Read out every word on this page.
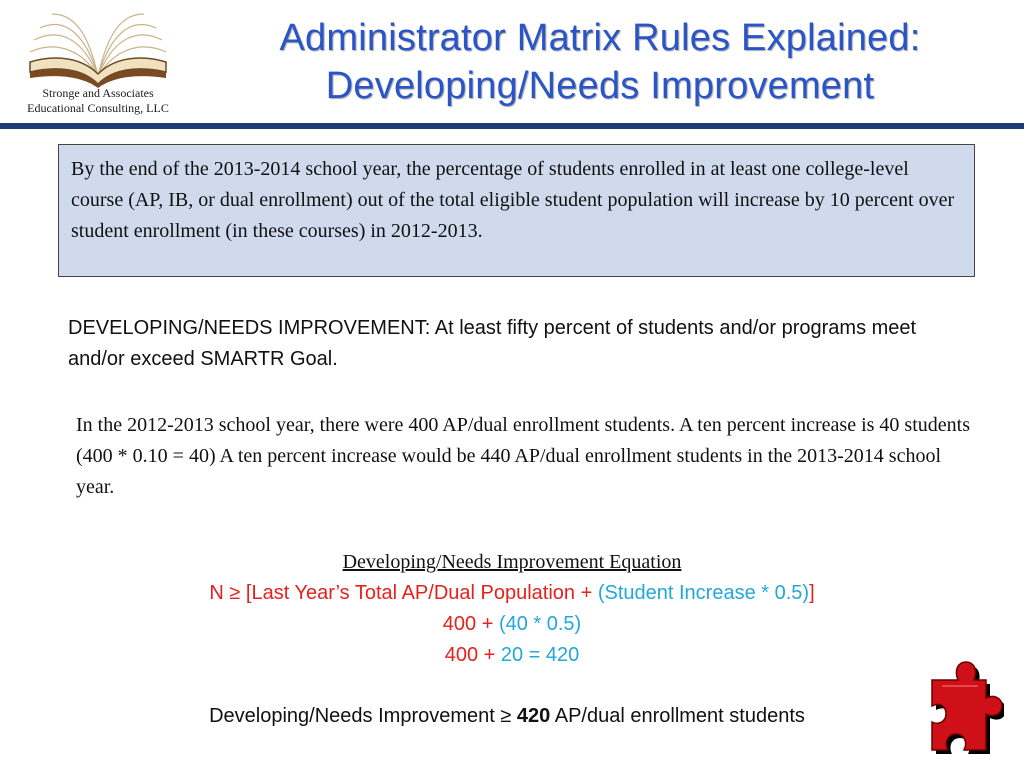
Stronge and Associates
Educational Consulting, LLC
Administrator Matrix Rules Explained:
Developing/Needs Improvement
By the end of the 2013-2014 school year, the percentage of students enrolled in at least one college-level course (AP, IB, or dual enrollment) out of the total eligible student population will increase by 10 percent over student enrollment (in these courses) in 2012-2013.
DEVELOPING/NEEDS IMPROVEMENT: At least fifty percent of students and/or programs meet and/or exceed SMARTR Goal.
In the 2012-2013 school year, there were 400 AP/dual enrollment students. A ten percent increase is 40 students (400 * 0.10 = 40) A ten percent increase would be 440 AP/dual enrollment students in the 2013-2014 school year.
Developing/Needs Improvement Equation
N ≥ [Last Year’s Total AP/Dual Population + (Student Increase * 0.5)]
400 + (40 * 0.5)
400 + 20 = 420
Developing/Needs Improvement ≥ 420 AP/dual enrollment students
